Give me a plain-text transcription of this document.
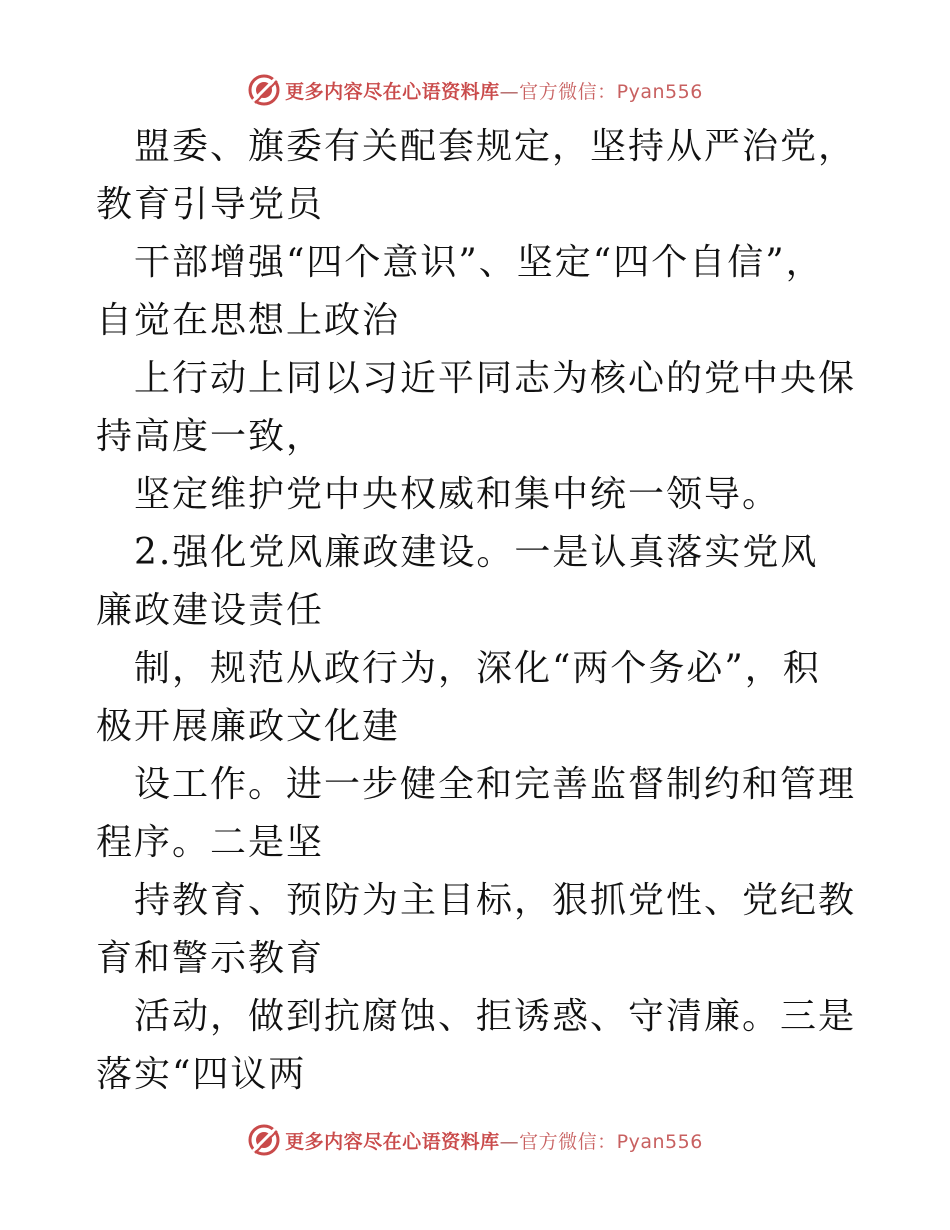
更多内容尽在心语资料库—官方微信：Pyan556

盟委、旗委有关配套规定，坚持从严治党，教育引导党员

干部增强“四个意识”、坚定“四个自信”，自觉在思想上政治

上行动上同以习近平同志为核心的党中央保持高度一致，

坚定维护党中央权威和集中统一领导。

2.强化党风廉政建设。一是认真落实党风廉政建设责任

制，规范从政行为，深化“两个务必”，积极开展廉政文化建

设工作。进一步健全和完善监督制约和管理程序。二是坚

持教育、预防为主目标，狠抓党性、党纪教育和警示教育

活动，做到抗腐蚀、拒诱惑、守清廉。三是落实“四议两

更多内容尽在心语资料库—官方微信：Pyan556
